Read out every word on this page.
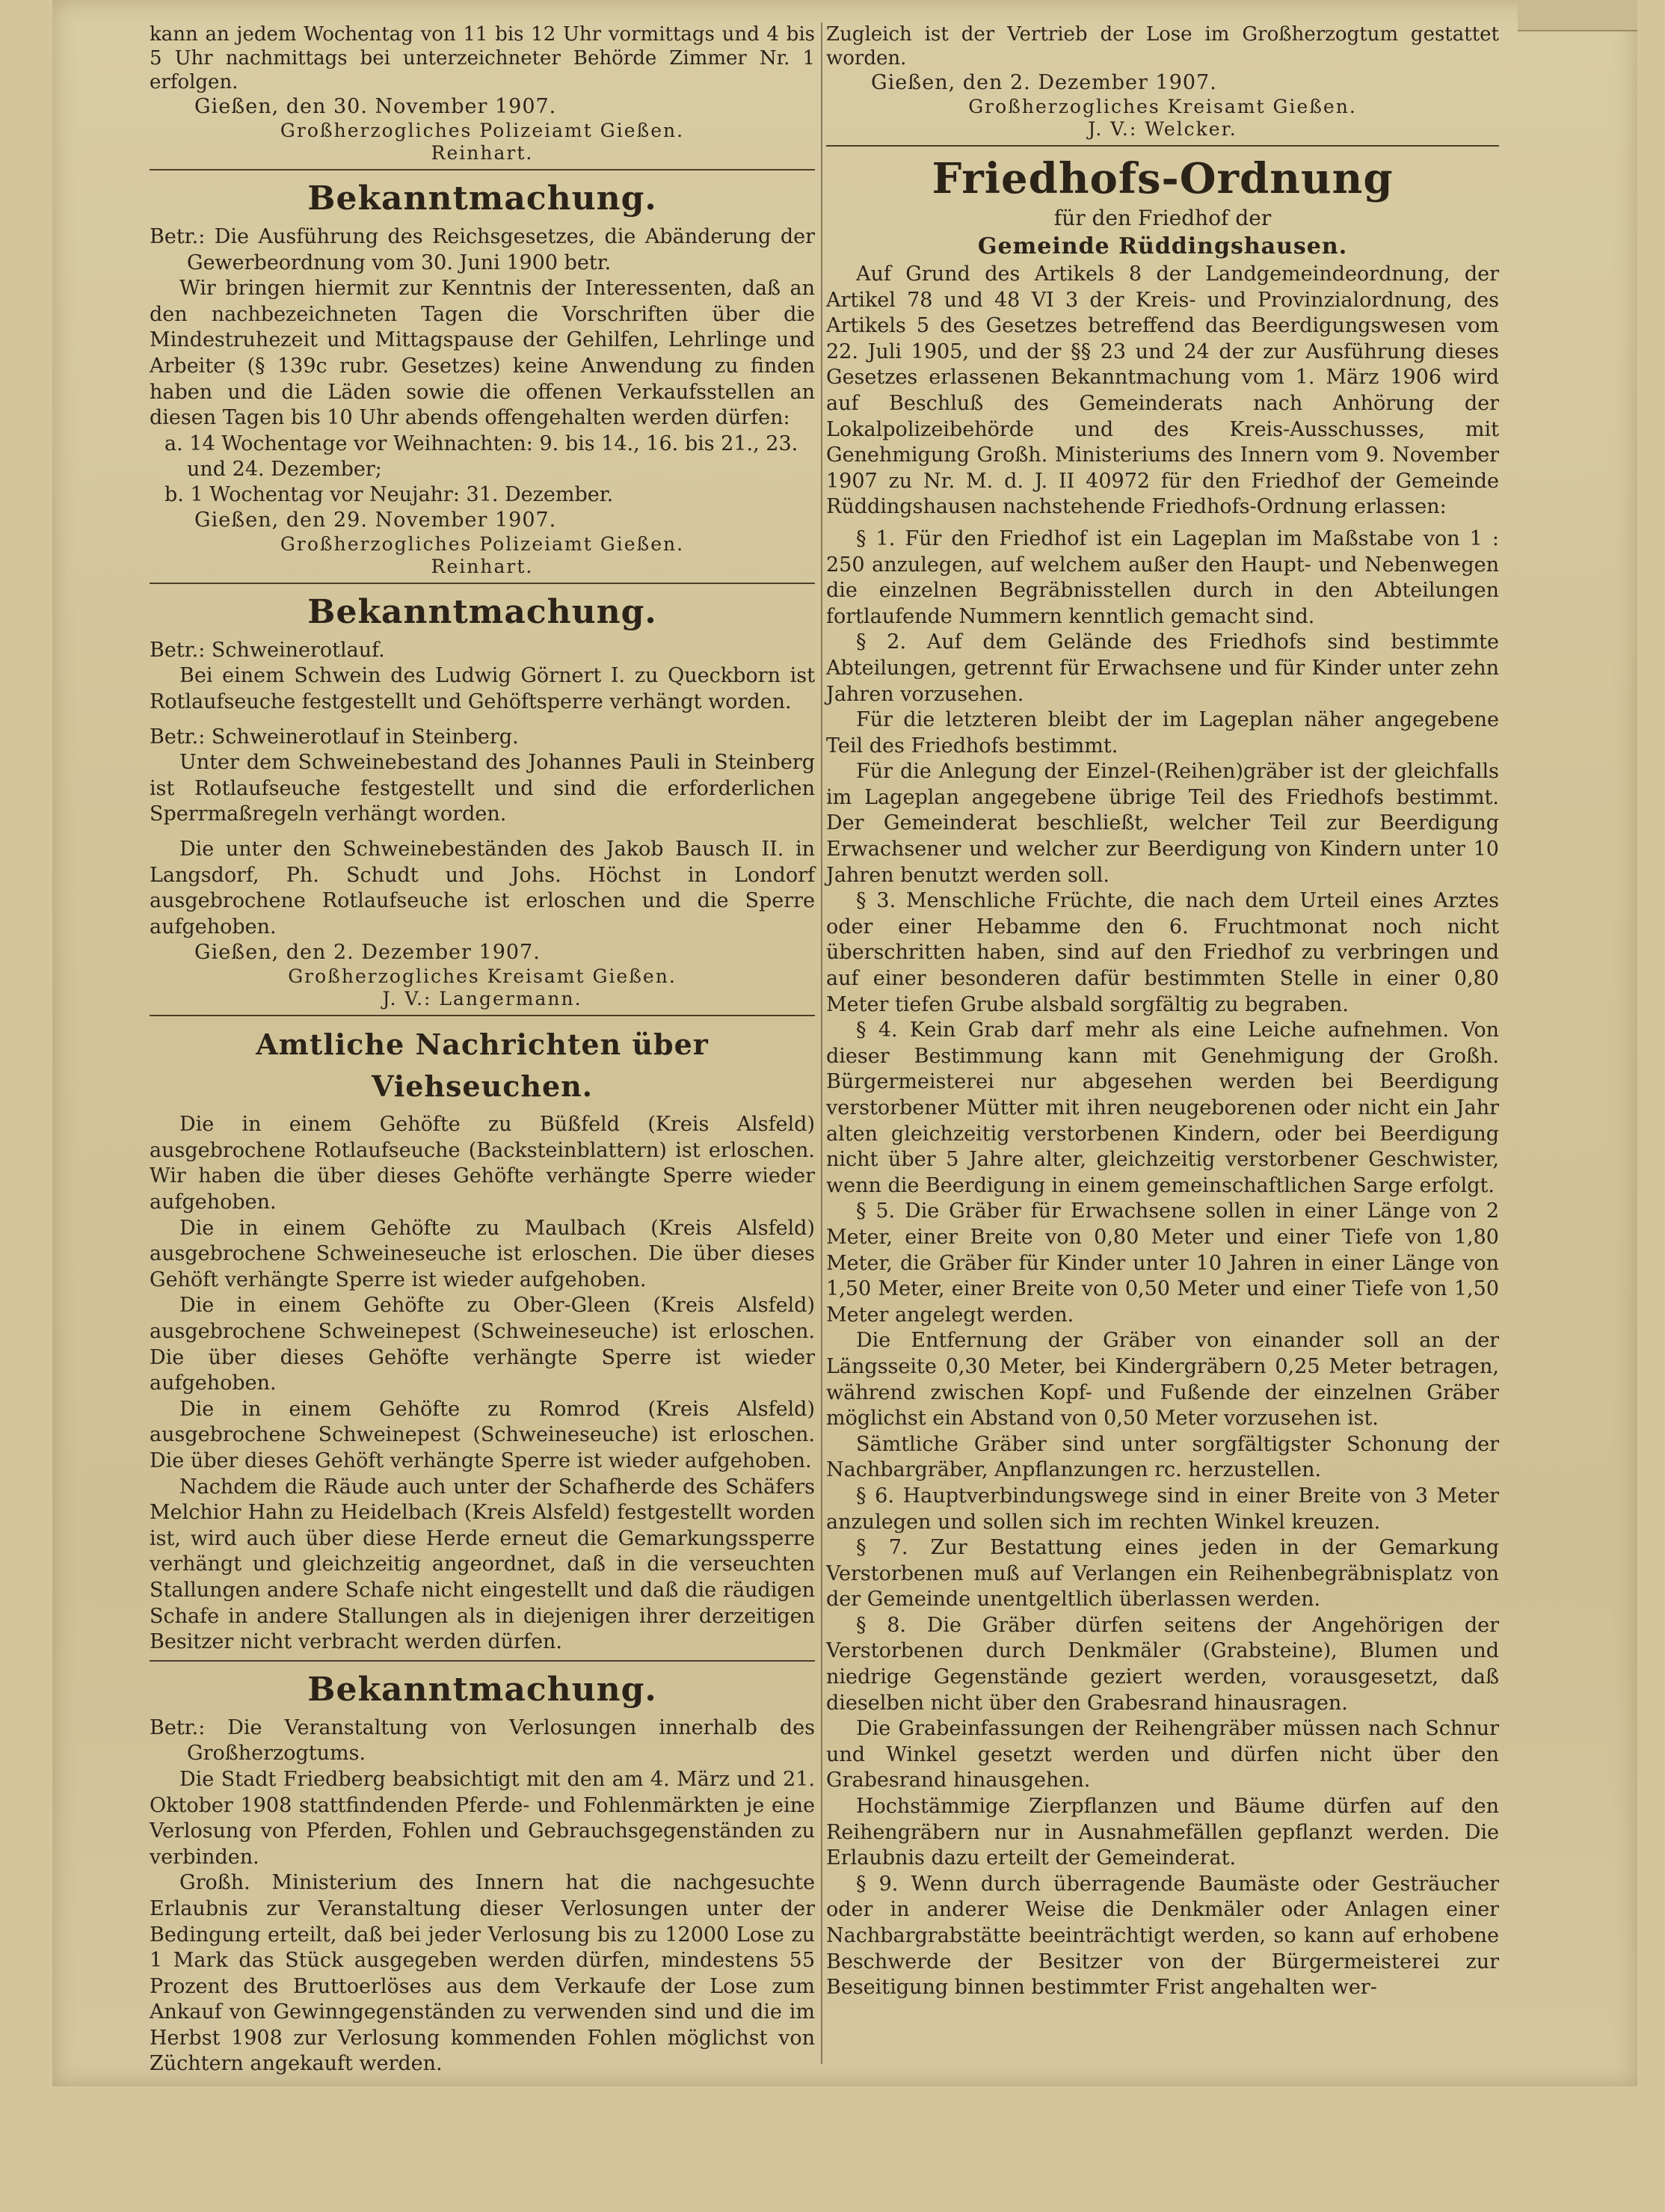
kann an jedem Wochentag von 11 bis 12 Uhr vormittags und 4 bis 5 Uhr nachmittags bei unterzeichneter Behörde Zimmer Nr. 1 erfolgen.

Gießen, den 30. November 1907.
Großherzogliches Polizeiamt Gießen.
Reinhart.
Bekanntmachung.

Betr.: Die Ausführung des Reichsgesetzes, die Abänderung der Gewerbeordnung vom 30. Juni 1900 betr.

Wir bringen hiermit zur Kenntnis der Interessenten, daß an den nachbezeichneten Tagen die Vorschriften über die Mindestruhezeit und Mittagspause der Gehilfen, Lehrlinge und Arbeiter (§ 139c rubr. Gesetzes) keine Anwendung zu finden haben und die Läden sowie die offenen Verkaufsstellen an diesen Tagen bis 10 Uhr abends offengehalten werden dürfen:

a. 14 Wochentage vor Weihnachten: 9. bis 14., 16. bis 21., 23. und 24. Dezember;
b. 1 Wochentag vor Neujahr: 31. Dezember.
Gießen, den 29. November 1907.
Großherzogliches Polizeiamt Gießen.
Reinhart.
Bekanntmachung.

Betr.: Schweinerotlauf.

Bei einem Schwein des Ludwig Görnert I. zu Queckborn ist Rotlaufseuche festgestellt und Gehöftsperre verhängt worden.

Betr.: Schweinerotlauf in Steinberg.

Unter dem Schweinebestand des Johannes Pauli in Steinberg ist Rotlaufseuche festgestellt und sind die erforderlichen Sperrmaßregeln verhängt worden.

Die unter den Schweinebeständen des Jakob Bausch II. in Langsdorf, Ph. Schudt und Johs. Höchst in Londorf ausgebrochene Rotlaufseuche ist erloschen und die Sperre aufgehoben.

Gießen, den 2. Dezember 1907.
Großherzogliches Kreisamt Gießen.
J. V.: Langermann.
Amtliche Nachrichten über Viehseuchen.

Die in einem Gehöfte zu Büßfeld (Kreis Alsfeld) ausgebrochene Rotlaufseuche (Backsteinblattern) ist erloschen. Wir haben die über dieses Gehöfte verhängte Sperre wieder aufgehoben.

Die in einem Gehöfte zu Maulbach (Kreis Alsfeld) ausgebrochene Schweineseuche ist erloschen. Die über dieses Gehöft verhängte Sperre ist wieder aufgehoben.

Die in einem Gehöfte zu Ober-Gleen (Kreis Alsfeld) ausgebrochene Schweinepest (Schweineseuche) ist erloschen. Die über dieses Gehöfte verhängte Sperre ist wieder aufgehoben.

Die in einem Gehöfte zu Romrod (Kreis Alsfeld) ausgebrochene Schweinepest (Schweineseuche) ist erloschen. Die über dieses Gehöft verhängte Sperre ist wieder aufgehoben.

Nachdem die Räude auch unter der Schafherde des Schäfers Melchior Hahn zu Heidelbach (Kreis Alsfeld) festgestellt worden ist, wird auch über diese Herde erneut die Gemarkungssperre verhängt und gleichzeitig angeordnet, daß in die verseuchten Stallungen andere Schafe nicht eingestellt und daß die räudigen Schafe in andere Stallungen als in diejenigen ihrer derzeitigen Besitzer nicht verbracht werden dürfen.

Bekanntmachung.

Betr.: Die Veranstaltung von Verlosungen innerhalb des Großherzogtums.

Die Stadt Friedberg beabsichtigt mit den am 4. März und 21. Oktober 1908 stattfindenden Pferde- und Fohlenmärkten je eine Verlosung von Pferden, Fohlen und Gebrauchsgegenständen zu verbinden.

Großh. Ministerium des Innern hat die nachgesuchte Erlaubnis zur Veranstaltung dieser Verlosungen unter der Bedingung erteilt, daß bei jeder Verlosung bis zu 12000 Lose zu 1 Mark das Stück ausgegeben werden dürfen, mindestens 55 Prozent des Bruttoerlöses aus dem Verkaufe der Lose zum Ankauf von Gewinngegenständen zu verwenden sind und die im Herbst 1908 zur Verlosung kommenden Fohlen möglichst von Züchtern angekauft werden.

Zugleich ist der Vertrieb der Lose im Großherzogtum gestattet worden.

Gießen, den 2. Dezember 1907.
Großherzogliches Kreisamt Gießen.
J. V.: Welcker.
Friedhofs-Ordnung
für den Friedhof der
Gemeinde Rüddingshausen.

Auf Grund des Artikels 8 der Landgemeindeordnung, der Artikel 78 und 48 VI 3 der Kreis- und Provinzialordnung, des Artikels 5 des Gesetzes betreffend das Beerdigungswesen vom 22. Juli 1905, und der §§ 23 und 24 der zur Ausführung dieses Gesetzes erlassenen Bekanntmachung vom 1. März 1906 wird auf Beschluß des Gemeinderats nach Anhörung der Lokalpolizeibehörde und des Kreis-Ausschusses, mit Genehmigung Großh. Ministeriums des Innern vom 9. November 1907 zu Nr. M. d. J. II 40972 für den Friedhof der Gemeinde Rüddingshausen nachstehende Friedhofs-Ordnung erlassen:

§ 1. Für den Friedhof ist ein Lageplan im Maßstabe von 1 : 250 anzulegen, auf welchem außer den Haupt- und Nebenwegen die einzelnen Begräbnisstellen durch in den Abteilungen fortlaufende Nummern kenntlich gemacht sind.

§ 2. Auf dem Gelände des Friedhofs sind bestimmte Abteilungen, getrennt für Erwachsene und für Kinder unter zehn Jahren vorzusehen.

Für die letzteren bleibt der im Lageplan näher angegebene Teil des Friedhofs bestimmt.

Für die Anlegung der Einzel-(Reihen)gräber ist der gleichfalls im Lageplan angegebene übrige Teil des Friedhofs bestimmt. Der Gemeinderat beschließt, welcher Teil zur Beerdigung Erwachsener und welcher zur Beerdigung von Kindern unter 10 Jahren benutzt werden soll.

§ 3. Menschliche Früchte, die nach dem Urteil eines Arztes oder einer Hebamme den 6. Fruchtmonat noch nicht überschritten haben, sind auf den Friedhof zu verbringen und auf einer besonderen dafür bestimmten Stelle in einer 0,80 Meter tiefen Grube alsbald sorgfältig zu begraben.

§ 4. Kein Grab darf mehr als eine Leiche aufnehmen. Von dieser Bestimmung kann mit Genehmigung der Großh. Bürgermeisterei nur abgesehen werden bei Beerdigung verstorbener Mütter mit ihren neugeborenen oder nicht ein Jahr alten gleichzeitig verstorbenen Kindern, oder bei Beerdigung nicht über 5 Jahre alter, gleichzeitig verstorbener Geschwister, wenn die Beerdigung in einem gemeinschaftlichen Sarge erfolgt.

§ 5. Die Gräber für Erwachsene sollen in einer Länge von 2 Meter, einer Breite von 0,80 Meter und einer Tiefe von 1,80 Meter, die Gräber für Kinder unter 10 Jahren in einer Länge von 1,50 Meter, einer Breite von 0,50 Meter und einer Tiefe von 1,50 Meter angelegt werden.

Die Entfernung der Gräber von einander soll an der Längsseite 0,30 Meter, bei Kindergräbern 0,25 Meter betragen, während zwischen Kopf- und Fußende der einzelnen Gräber möglichst ein Abstand von 0,50 Meter vorzusehen ist.

Sämtliche Gräber sind unter sorgfältigster Schonung der Nachbargräber, Anpflanzungen rc. herzustellen.

§ 6. Hauptverbindungswege sind in einer Breite von 3 Meter anzulegen und sollen sich im rechten Winkel kreuzen.

§ 7. Zur Bestattung eines jeden in der Gemarkung Verstorbenen muß auf Verlangen ein Reihenbegräbnisplatz von der Gemeinde unentgeltlich überlassen werden.

§ 8. Die Gräber dürfen seitens der Angehörigen der Verstorbenen durch Denkmäler (Grabsteine), Blumen und niedrige Gegenstände geziert werden, vorausgesetzt, daß dieselben nicht über den Grabesrand hinausragen.

Die Grabeinfassungen der Reihengräber müssen nach Schnur und Winkel gesetzt werden und dürfen nicht über den Grabesrand hinausgehen.

Hochstämmige Zierpflanzen und Bäume dürfen auf den Reihengräbern nur in Ausnahmefällen gepflanzt werden. Die Erlaubnis dazu erteilt der Gemeinderat.

§ 9. Wenn durch überragende Baumäste oder Gesträucher oder in anderer Weise die Denkmäler oder Anlagen einer Nachbargrabstätte beeinträchtigt werden, so kann auf erhobene Beschwerde der Besitzer von der Bürgermeisterei zur Beseitigung binnen bestimmter Frist angehalten wer-
